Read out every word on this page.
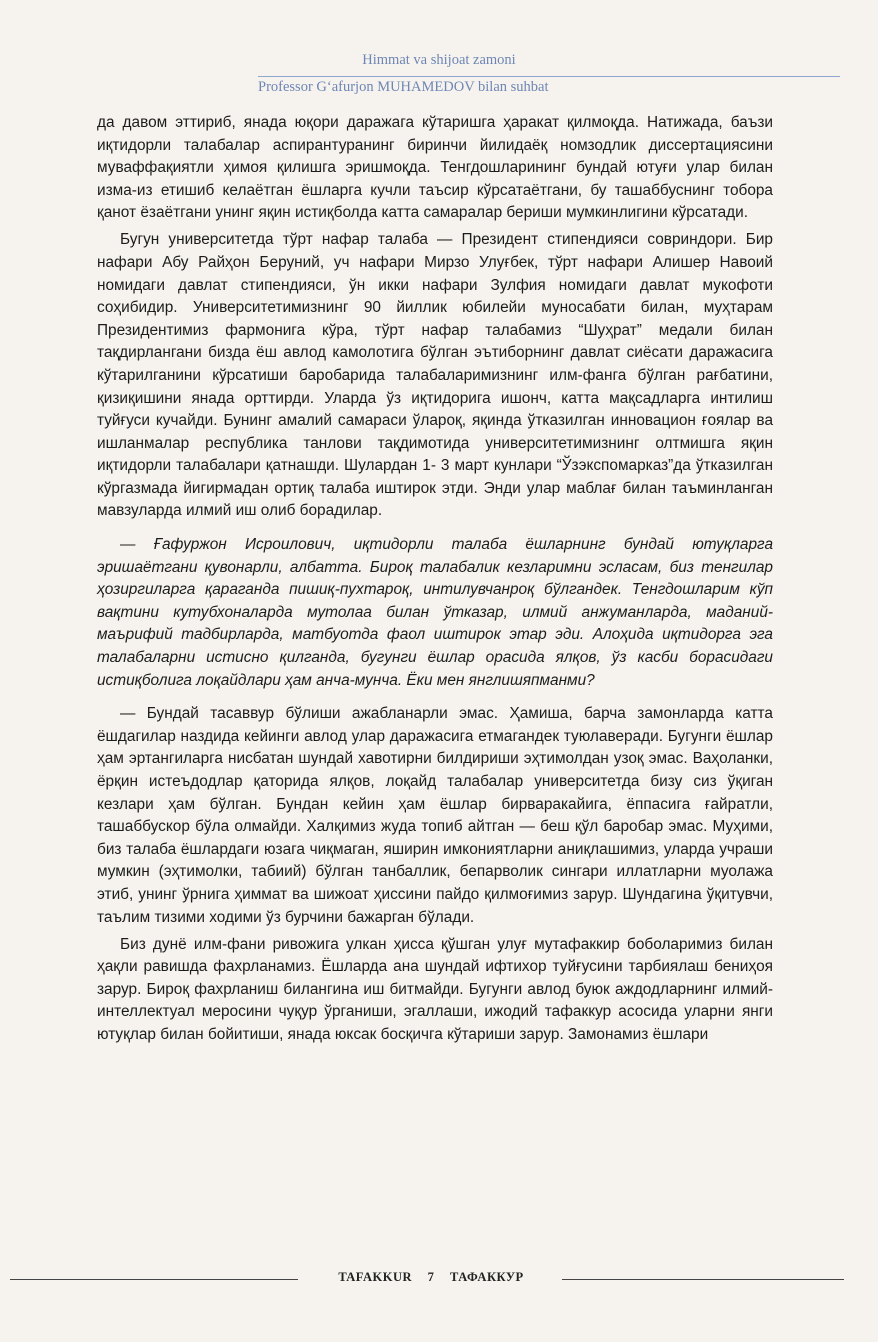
Himmat va shijoat zamoni
Professor G‘afurjon MUHAMEDOV bilan suhbat

да давом эттириб, янада юқори даражага кўтаришга ҳаракат қилмоқда. Натижада, баъзи иқтидорли талабалар аспирантуранинг биринчи йилидаёқ номзодлик диссертациясини муваффақиятли ҳимоя қилишга эришмоқда. Тенгдошларининг бундай ютуғи улар билан изма-из етишиб келаётган ёшларга кучли таъсир кўрсатаётгани, бу ташаббуснинг тобора қанот ёзаётгани унинг яқин истиқболда катта самаралар бериши мумкинлигини кўрсатади.

Бугун университетда тўрт нафар талаба — Президент стипендияси совриндори. Бир нафари Абу Райҳон Беруний, уч нафари Мирзо Улуғбек, тўрт нафари Алишер Навоий номидаги давлат стипендияси, ўн икки нафари Зулфия номидаги давлат мукофоти соҳибидир. Университетимизнинг 90 йиллик юбилейи муносабати билан, муҳтарам Президентимиз фармонига кўра, тўрт нафар талабамиз “Шуҳрат” медали билан тақдирлангани бизда ёш авлод камолотига бўлган эътиборнинг давлат сиёсати даражасига кўтарилганини кўрсатиши баробарида талабаларимизнинг илм-фанга бўлган рағбатини, қизиқишини янада орттирди. Уларда ўз иқтидорига ишонч, катта мақсадларга интилиш туйғуси кучайди. Бунинг амалий самараси ўлароқ, яқинда ўтказилган инновацион ғоялар ва ишланмалар республика танлови тақдимотида университетимизнинг олтмишга яқин иқтидорли талабалари қатнашди. Шулардан 1- 3 март кунлари “Ўзэкспомарказ”да ўтказилган кўргазмада йигирмадан ортиқ талаба иштирок этди. Энди улар маблағ билан таъминланган мавзуларда илмий иш олиб борадилар.

— Ғафуржон Исроилович, иқтидорли талаба ёшларнинг бундай ютуқларга эришаётгани қувонарли, албатта. Бироқ талабалик кезларимни эсласам, биз тенгилар ҳозиргиларга қараганда пишиқ-пухтароқ, интилувчанроқ бўлгандек. Тенгдошларим кўп вақтини кутубхоналарда мутолаа билан ўтказар, илмий анжуманларда, маданий-маърифий тадбирларда, матбуотда фаол иштирок этар эди. Алоҳида иқтидорга эга талабаларни истисно қилганда, бугунги ёшлар орасида ялқов, ўз касби борасидаги истиқболига лоқайдлари ҳам анча-мунча. Ёки мен янглишяпманми?

— Бундай тасаввур бўлиши ажабланарли эмас. Ҳамиша, барча замонларда катта ёшдагилар наздида кейинги авлод улар даражасига етмагандек туюлаверади. Бугунги ёшлар ҳам эртангиларга нисбатан шундай хавотирни билдириши эҳтимолдан узоқ эмас. Ваҳоланки, ёрқин истеъдодлар қаторида ялқов, лоқайд талабалар университетда бизу сиз ўқиган кезлари ҳам бўлган. Бундан кейин ҳам ёшлар бирваракайига, ёппасига ғайратли, ташаббускор бўла олмайди. Халқимиз жуда топиб айтган — беш қўл баробар эмас. Муҳими, биз талаба ёшлардаги юзага чиқмаган, яширин имкониятларни аниқлашимиз, уларда учраши мумкин (эҳтимолки, табиий) бўлган танбаллик, бепарволик сингари иллатларни муолажа этиб, унинг ўрнига ҳиммат ва шижоат ҳиссини пайдо қилмоғимиз зарур. Шундагина ўқитувчи, таълим тизими ходими ўз бурчини бажарган бўлади.

Биз дунё илм-фани ривожига улкан ҳисса қўшган улуғ мутафаккир боболаримиз билан ҳақли равишда фахрланамиз. Ёшларда ана шундай ифтихор туйғусини тарбиялаш бениҳоя зарур. Бироқ фахрланиш билангина иш битмайди. Бугунги авлод буюк аждодларнинг илмий-интеллектуал меросини чуқур ўрганиши, эгаллаши, ижодий тафаккур асосида уларни янги ютуқлар билан бойитиши, янада юксак босқичга кўтариши зарур. Замонамиз ёшлари

TAFAKKUR 7 ТАФАККУР
